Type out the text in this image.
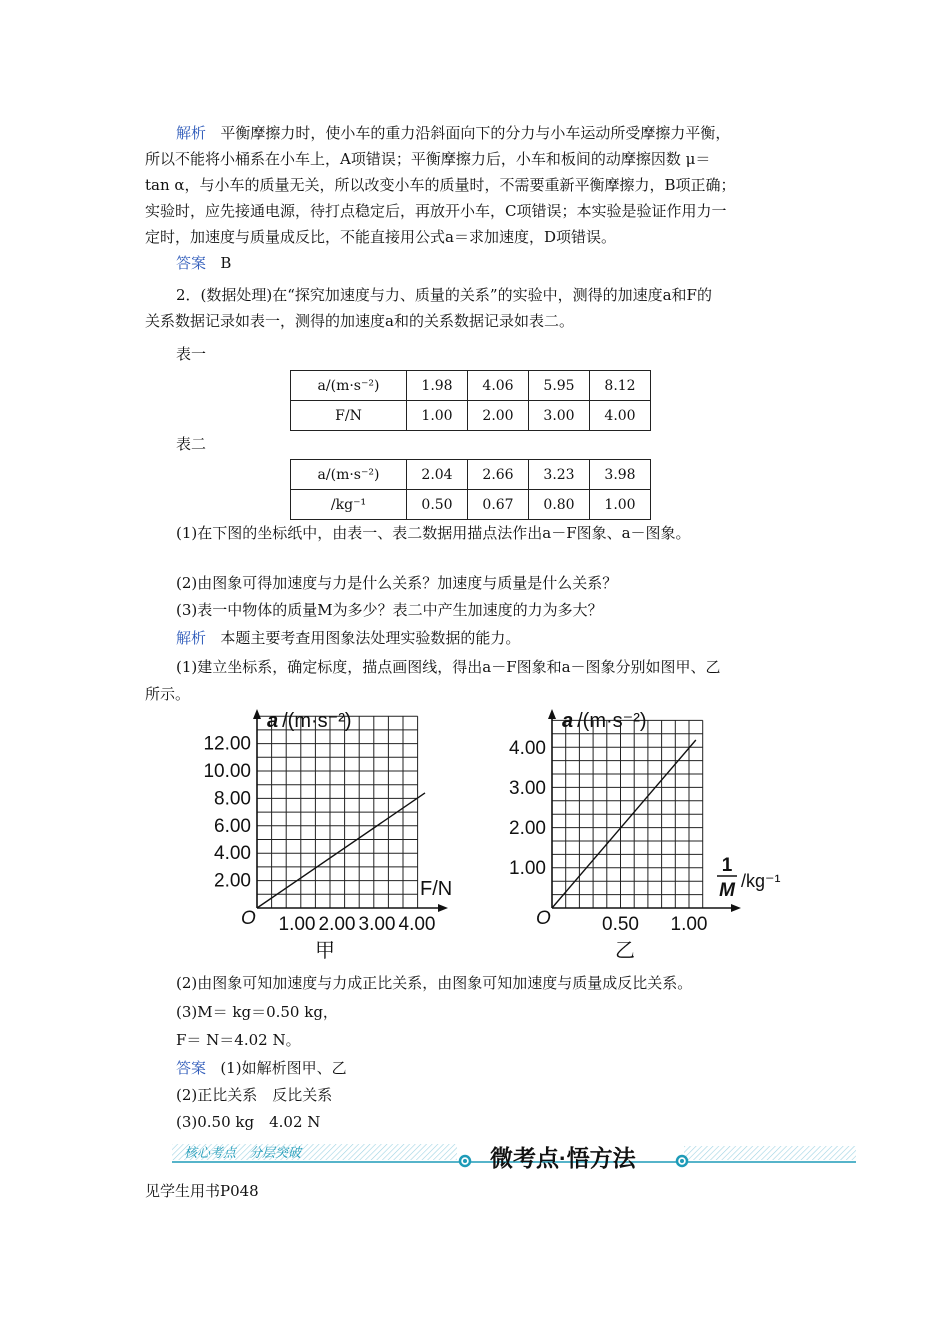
解析 平衡摩擦力时，使小车的重力沿斜面向下的分力与小车运动所受摩擦力平衡，
所以不能将小桶系在小车上，A项错误；平衡摩擦力后，小车和板间的动摩擦因数 μ＝
tan α，与小车的质量无关，所以改变小车的质量时，不需要重新平衡摩擦力，B项正确；
实验时，应先接通电源，待打点稳定后，再放开小车，C项错误；本实验是验证作用力一
定时，加速度与质量成反比，不能直接用公式a＝求加速度，D项错误。
答案 B
2．(数据处理)在“探究加速度与力、质量的关系”的实验中，测得的加速度a和F的
关系数据记录如表一，测得的加速度a和的关系数据记录如表二。
表一
a/(m·s⁻²)	1.98	4.06	5.95	8.12
F/N	1.00	2.00	3.00	4.00
表二
a/(m·s⁻²)	2.04	2.66	3.23	3.98
/kg⁻¹	0.50	0.67	0.80	1.00
(1)在下图的坐标纸中，由表一、表二数据用描点法作出a－F图象、a－图象。
(2)由图象可得加速度与力是什么关系？加速度与质量是什么关系？
(3)表一中物体的质量M为多少？表二中产生加速度的力为多大？
解析 本题主要考查用图象法处理实验数据的能力。
(1)建立坐标系，确定标度，描点画图线，得出a－F图象和a－图象分别如图甲、乙
所示。
2.00
4.00
6.00
8.00
10.00
12.00
1.00 2.00 3.00 4.00
O
a /(m·s⁻²)
甲
F/N
1.00
2.00
3.00
4.00
0.50 1.00
O
a /(m·s⁻²)
乙
1
M /kg⁻¹
(2)由图象可知加速度与力成正比关系，由图象可知加速度与质量成反比关系。
(3)M＝ kg＝0.50 kg，
F＝ N＝4.02 N。
答案 (1)如解析图甲、乙
(2)正比关系　反比关系
(3)0.50 kg　4.02 N
核心考点　分层突破	微考点·悟方法
见学生用书P048
